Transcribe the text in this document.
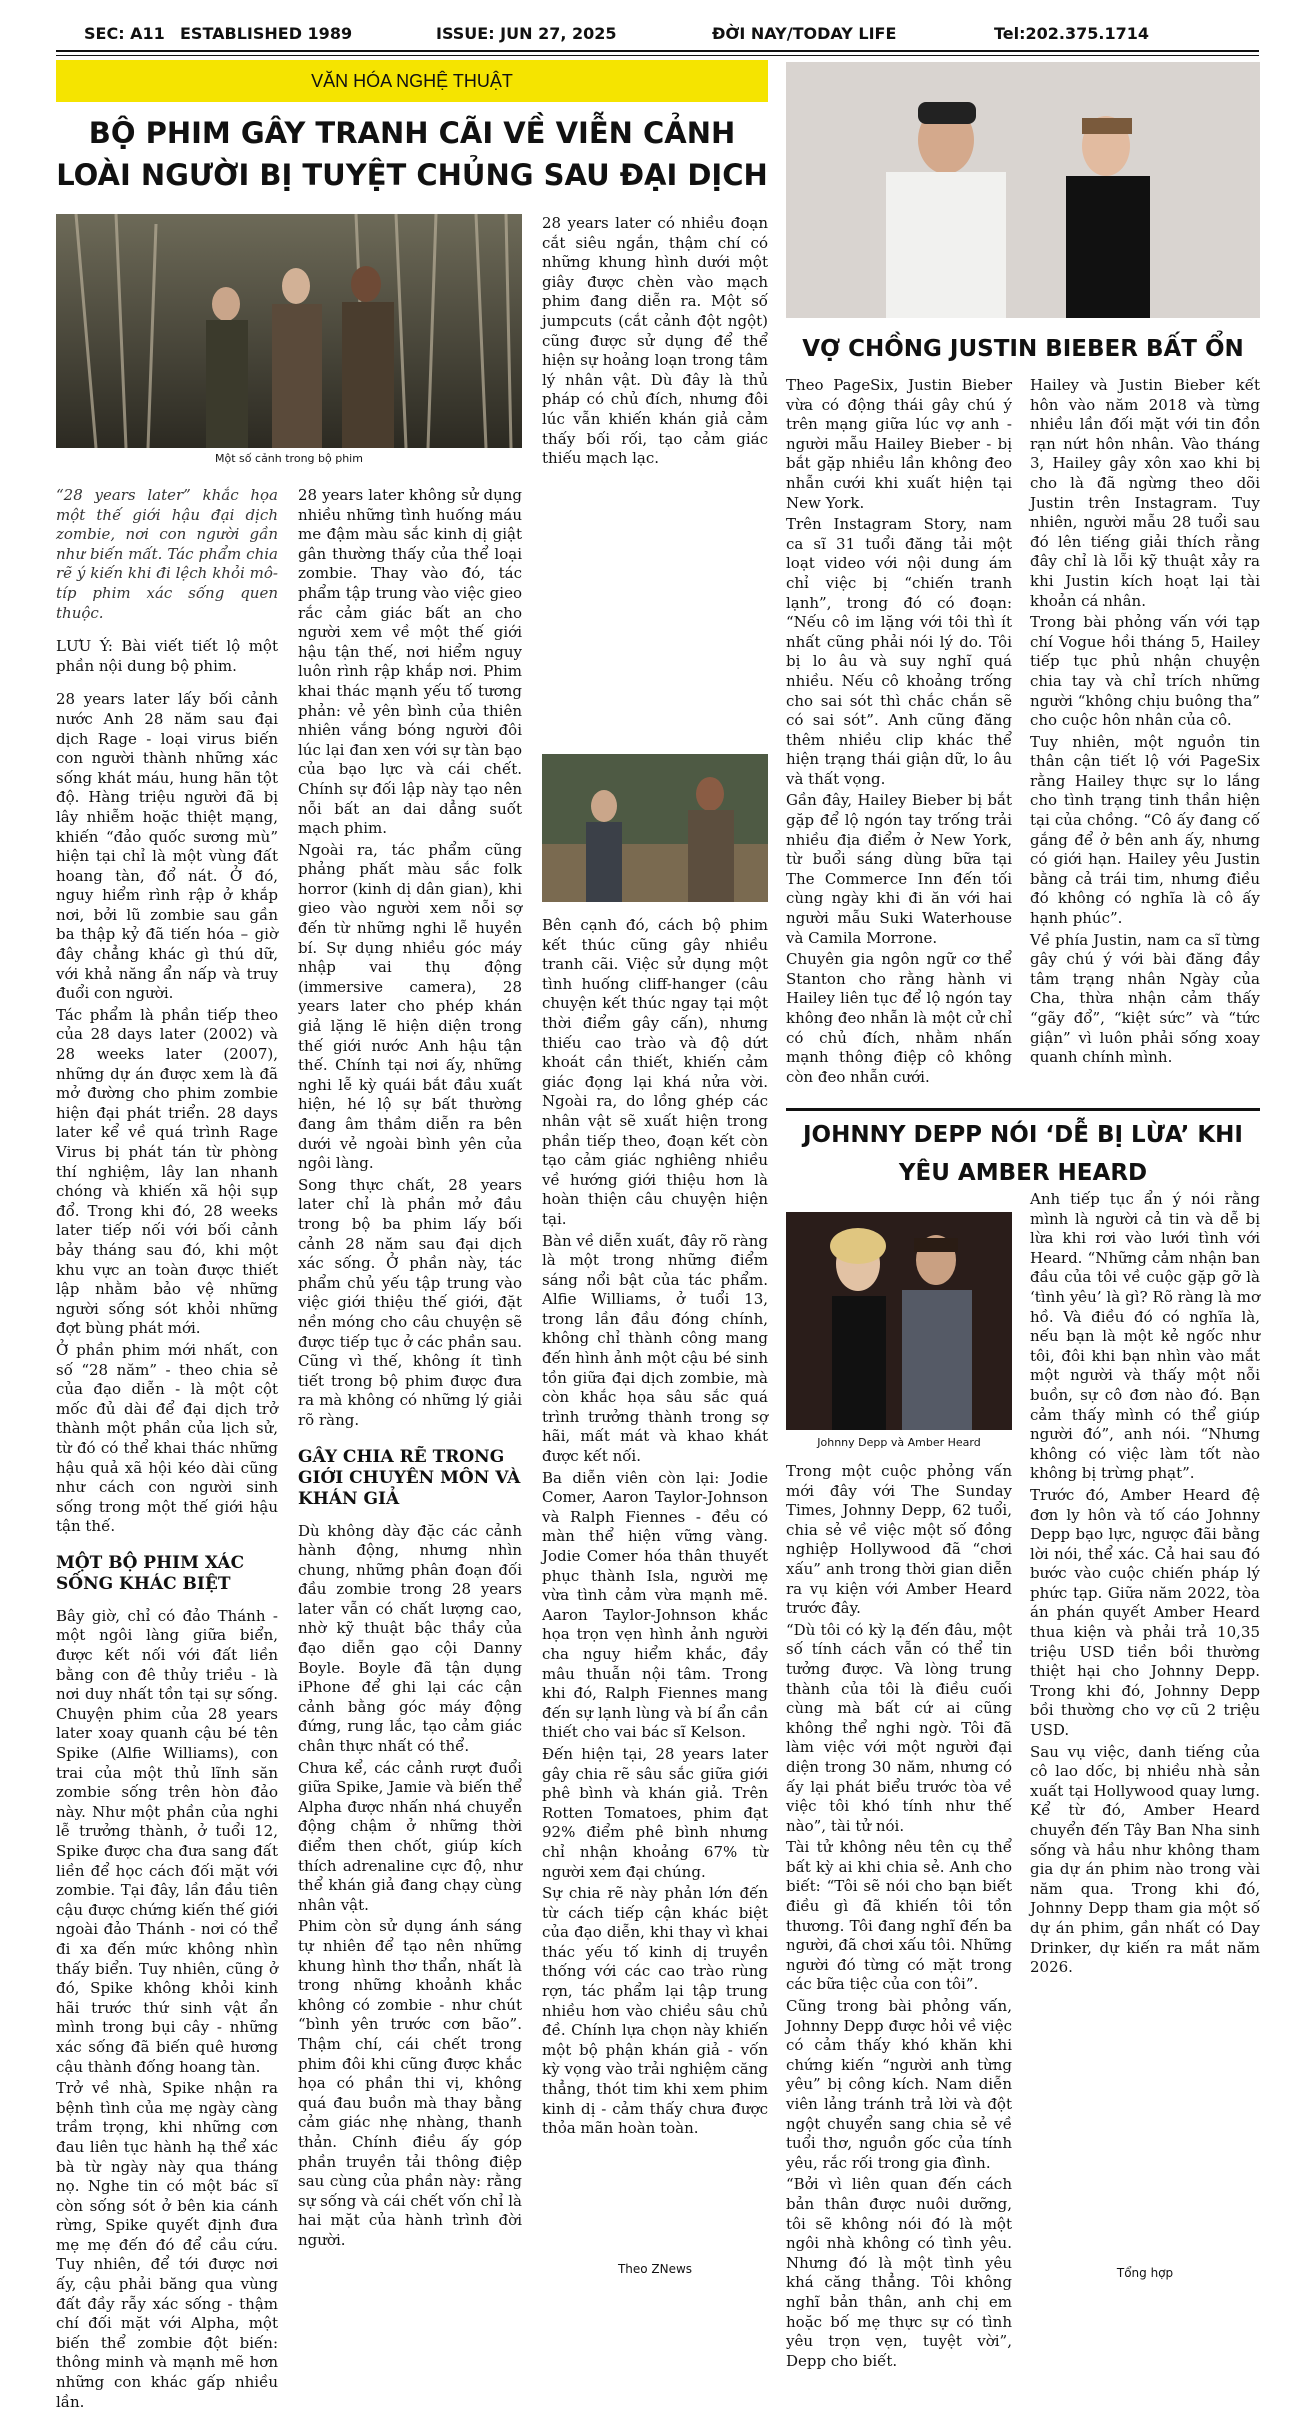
SEC: A11 ESTABLISHED 1989	ISSUE: JUN 27, 2025	ĐỜI NAY/TODAY LIFE	Tel:202.375.1714
VĂN HÓA NGHỆ THUẬT
BỘ PHIM GÂY TRANH CÃI VỀ VIỄN CẢNH
LOÀI NGƯỜI BỊ TUYỆT CHỦNG SAU ĐẠI DỊCH
Một số cảnh trong bộ phim

“28 years later” khắc họa một thế giới hậu đại dịch zombie, nơi con người gần như biến mất. Tác phẩm chia rẽ ý kiến khi đi lệch khỏi mô-típ phim xác sống quen thuộc.

LƯU Ý: Bài viết tiết lộ một phần nội dung bộ phim.

28 years later lấy bối cảnh nước Anh 28 năm sau đại dịch Rage - loại virus biến con người thành những xác sống khát máu, hung hãn tột độ. Hàng triệu người đã bị lây nhiễm hoặc thiệt mạng, khiến “đảo quốc sương mù” hiện tại chỉ là một vùng đất hoang tàn, đổ nát. Ở đó, nguy hiểm rình rập ở khắp nơi, bởi lũ zombie sau gần ba thập kỷ đã tiến hóa – giờ đây chẳng khác gì thú dữ, với khả năng ẩn nấp và truy đuổi con người.

Tác phẩm là phần tiếp theo của 28 days later (2002) và 28 weeks later (2007), những dự án được xem là đã mở đường cho phim zombie hiện đại phát triển. 28 days later kể về quá trình Rage Virus bị phát tán từ phòng thí nghiệm, lây lan nhanh chóng và khiến xã hội sụp đổ. Trong khi đó, 28 weeks later tiếp nối với bối cảnh bảy tháng sau đó, khi một khu vực an toàn được thiết lập nhằm bảo vệ những người sống sót khỏi những đợt bùng phát mới.

Ở phần phim mới nhất, con số “28 năm” - theo chia sẻ của đạo diễn - là một cột mốc đủ dài để đại dịch trở thành một phần của lịch sử, từ đó có thể khai thác những hậu quả xã hội kéo dài cũng như cách con người sinh sống trong một thế giới hậu tận thế.

MỘT BỘ PHIM XÁC SỐNG KHÁC BIỆT

Bây giờ, chỉ có đảo Thánh - một ngôi làng giữa biển, được kết nối với đất liền bằng con đê thủy triều - là nơi duy nhất tồn tại sự sống. Chuyện phim của 28 years later xoay quanh cậu bé tên Spike (Alfie Williams), con trai của một thủ lĩnh săn zombie sống trên hòn đảo này. Như một phần của nghi lễ trưởng thành, ở tuổi 12, Spike được cha đưa sang đất liền để học cách đối mặt với zombie. Tại đây, lần đầu tiên cậu được chứng kiến thế giới ngoài đảo Thánh - nơi có thể đi xa đến mức không nhìn thấy biển. Tuy nhiên, cũng ở đó, Spike không khỏi kinh hãi trước thứ sinh vật ẩn mình trong bụi cây - những xác sống đã biến quê hương cậu thành đống hoang tàn.

Trở về nhà, Spike nhận ra bệnh tình của mẹ ngày càng trầm trọng, khi những cơn đau liên tục hành hạ thể xác bà từ ngày này qua tháng nọ. Nghe tin có một bác sĩ còn sống sót ở bên kia cánh rừng, Spike quyết định đưa mẹ mẹ đến đó để cầu cứu. Tuy nhiên, để tới được nơi ấy, cậu phải băng qua vùng đất đầy rẫy xác sống - thậm chí đối mặt với Alpha, một biến thể zombie đột biến: thông minh và mạnh mẽ hơn những con khác gấp nhiều lần.

28 years later không sử dụng nhiều những tình huống máu me đậm màu sắc kinh dị giật gân thường thấy của thể loại zombie. Thay vào đó, tác phẩm tập trung vào việc gieo rắc cảm giác bất an cho người xem về một thế giới hậu tận thế, nơi hiểm nguy luôn rình rập khắp nơi. Phim khai thác mạnh yếu tố tương phản: vẻ yên bình của thiên nhiên vắng bóng người đôi lúc lại đan xen với sự tàn bạo của bạo lực và cái chết. Chính sự đối lập này tạo nên nỗi bất an dai dẳng suốt mạch phim.

Ngoài ra, tác phẩm cũng phảng phất màu sắc folk horror (kinh dị dân gian), khi gieo vào người xem nỗi sợ đến từ những nghi lễ huyền bí. Sự dụng nhiều góc máy nhập vai thụ động (immersive camera), 28 years later cho phép khán giả lặng lẽ hiện diện trong thế giới nước Anh hậu tận thế. Chính tại nơi ấy, những nghi lễ kỳ quái bắt đầu xuất hiện, hé lộ sự bất thường đang âm thầm diễn ra bên dưới vẻ ngoài bình yên của ngôi làng.

Song thực chất, 28 years later chỉ là phần mở đầu trong bộ ba phim lấy bối cảnh 28 năm sau đại dịch xác sống. Ở phần này, tác phẩm chủ yếu tập trung vào việc giới thiệu thế giới, đặt nền móng cho câu chuyện sẽ được tiếp tục ở các phần sau. Cũng vì thế, không ít tình tiết trong bộ phim được đưa ra mà không có những lý giải rõ ràng.

GÂY CHIA RẼ TRONG GIỚI CHUYÊN MÔN VÀ KHÁN GIẢ

Dù không dày đặc các cảnh hành động, nhưng nhìn chung, những phân đoạn đối đầu zombie trong 28 years later vẫn có chất lượng cao, nhờ kỹ thuật bậc thầy của đạo diễn gạo cội Danny Boyle. Boyle đã tận dụng iPhone để ghi lại các cận cảnh bằng góc máy động đứng, rung lắc, tạo cảm giác chân thực nhất có thể.

Chưa kể, các cảnh rượt đuổi giữa Spike, Jamie và biến thể Alpha được nhấn nhá chuyển động chậm ở những thời điểm then chốt, giúp kích thích adrenaline cực độ, như thể khán giả đang chạy cùng nhân vật.

Phim còn sử dụng ánh sáng tự nhiên để tạo nên những khung hình thơ thẩn, nhất là trong những khoảnh khắc không có zombie - như chút “bình yên trước cơn bão”. Thậm chí, cái chết trong phim đôi khi cũng được khắc họa có phần thi vị, không quá đau buồn mà thay bằng cảm giác nhẹ nhàng, thanh thản. Chính điều ấy góp phần truyền tải thông điệp sau cùng của phần này: rằng sự sống và cái chết vốn chỉ là hai mặt của hành trình đời người.

28 years later có nhiều đoạn cắt siêu ngắn, thậm chí có những khung hình dưới một giây được chèn vào mạch phim đang diễn ra. Một số jumpcuts (cắt cảnh đột ngột) cũng được sử dụng để thể hiện sự hoảng loạn trong tâm lý nhân vật. Dù đây là thủ pháp có chủ đích, nhưng đôi lúc vẫn khiến khán giả cảm thấy bối rối, tạo cảm giác thiếu mạch lạc.

Bên cạnh đó, cách bộ phim kết thúc cũng gây nhiều tranh cãi. Việc sử dụng một tình huống cliff-hanger (câu chuyện kết thúc ngay tại một thời điểm gây cấn), nhưng thiếu cao trào và độ dứt khoát cần thiết, khiến cảm giác đọng lại khá nửa vời. Ngoài ra, do lồng ghép các nhân vật sẽ xuất hiện trong phần tiếp theo, đoạn kết còn tạo cảm giác nghiêng nhiều về hướng giới thiệu hơn là hoàn thiện câu chuyện hiện tại.

Bàn về diễn xuất, đây rõ ràng là một trong những điểm sáng nổi bật của tác phẩm. Alfie Williams, ở tuổi 13, trong lần đầu đóng chính, không chỉ thành công mang đến hình ảnh một cậu bé sinh tồn giữa đại dịch zombie, mà còn khắc họa sâu sắc quá trình trưởng thành trong sợ hãi, mất mát và khao khát được kết nối.

Ba diễn viên còn lại: Jodie Comer, Aaron Taylor-Johnson và Ralph Fiennes - đều có màn thể hiện vững vàng. Jodie Comer hóa thân thuyết phục thành Isla, người mẹ vừa tình cảm vừa mạnh mẽ. Aaron Taylor-Johnson khắc họa trọn vẹn hình ảnh người cha nguy hiểm khắc, đầy mâu thuẫn nội tâm. Trong khi đó, Ralph Fiennes mang đến sự lạnh lùng và bí ẩn cần thiết cho vai bác sĩ Kelson.

Đến hiện tại, 28 years later gây chia rẽ sâu sắc giữa giới phê bình và khán giả. Trên Rotten Tomatoes, phim đạt 92% điểm phê bình nhưng chỉ nhận khoảng 67% từ người xem đại chúng.

Sự chia rẽ này phản lớn đến từ cách tiếp cận khác biệt của đạo diễn, khi thay vì khai thác yếu tố kinh dị truyền thống với các cao trào rùng rợn, tác phẩm lại tập trung nhiều hơn vào chiều sâu chủ đề. Chính lựa chọn này khiến một bộ phận khán giả - vốn kỳ vọng vào trải nghiệm căng thẳng, thót tim khi xem phim kinh dị - cảm thấy chưa được thỏa mãn hoàn toàn.

Theo ZNews
VỢ CHỒNG JUSTIN BIEBER BẤT ỔN

Theo PageSix, Justin Bieber vừa có động thái gây chú ý trên mạng giữa lúc vợ anh - người mẫu Hailey Bieber - bị bắt gặp nhiều lần không đeo nhẫn cưới khi xuất hiện tại New York.

Trên Instagram Story, nam ca sĩ 31 tuổi đăng tải một loạt video với nội dung ám chỉ việc bị “chiến tranh lạnh”, trong đó có đoạn: “Nếu cô im lặng với tôi thì ít nhất cũng phải nói lý do. Tôi bị lo âu và suy nghĩ quá nhiều. Nếu cô khoảng trống cho sai sót thì chắc chắn sẽ có sai sót”. Anh cũng đăng thêm nhiều clip khác thể hiện trạng thái giận dữ, lo âu và thất vọng.

Gần đây, Hailey Bieber bị bắt gặp để lộ ngón tay trống trải nhiều địa điểm ở New York, từ buổi sáng dùng bữa tại The Commerce Inn đến tối cùng ngày khi đi ăn với hai người mẫu Suki Waterhouse và Camila Morrone.

Chuyên gia ngôn ngữ cơ thể Stanton cho rằng hành vi Hailey liên tục để lộ ngón tay không đeo nhẫn là một cử chỉ có chủ đích, nhằm nhấn mạnh thông điệp cô không còn đeo nhẫn cưới.

Hailey và Justin Bieber kết hôn vào năm 2018 và từng nhiều lần đối mặt với tin đồn rạn nứt hôn nhân. Vào tháng 3, Hailey gây xôn xao khi bị cho là đã ngừng theo dõi Justin trên Instagram. Tuy nhiên, người mẫu 28 tuổi sau đó lên tiếng giải thích rằng đây chỉ là lỗi kỹ thuật xảy ra khi Justin kích hoạt lại tài khoản cá nhân.

Trong bài phỏng vấn với tạp chí Vogue hồi tháng 5, Hailey tiếp tục phủ nhận chuyện chia tay và chỉ trích những người “không chịu buông tha” cho cuộc hôn nhân của cô.

Tuy nhiên, một nguồn tin thân cận tiết lộ với PageSix rằng Hailey thực sự lo lắng cho tình trạng tinh thần hiện tại của chồng. “Cô ấy đang cố gắng để ở bên anh ấy, nhưng có giới hạn. Hailey yêu Justin bằng cả trái tim, nhưng điều đó không có nghĩa là cô ấy hạnh phúc”.

Về phía Justin, nam ca sĩ từng gây chú ý với bài đăng đầy tâm trạng nhân Ngày của Cha, thừa nhận cảm thấy “gãy đổ”, “kiệt sức” và “tức giận” vì luôn phải sống xoay quanh chính mình.

JOHNNY DEPP NÓI ‘DỄ BỊ LỪA’ KHI
YÊU AMBER HEARD
Johnny Depp và Amber Heard

Trong một cuộc phỏng vấn mới đây với The Sunday Times, Johnny Depp, 62 tuổi, chia sẻ về việc một số đồng nghiệp Hollywood đã “chơi xấu” anh trong thời gian diễn ra vụ kiện với Amber Heard trước đây.

“Dù tôi có kỳ lạ đến đâu, một số tính cách vẫn có thể tin tưởng được. Và lòng trung thành của tôi là điều cuối cùng mà bất cứ ai cũng không thể nghi ngờ. Tôi đã làm việc với một người đại diện trong 30 năm, nhưng có ấy lại phát biểu trước tòa về việc tôi khó tính như thế nào”, tài tử nói.

Tài tử không nêu tên cụ thể bất kỳ ai khi chia sẻ. Anh cho biết: “Tôi sẽ nói cho bạn biết điều gì đã khiến tôi tồn thương. Tôi đang nghĩ đến ba người, đã chơi xấu tôi. Những người đó từng có mặt trong các bữa tiệc của con tôi”.

Cũng trong bài phỏng vấn, Johnny Depp được hỏi về việc có cảm thấy khó khăn khi chứng kiến “người anh từng yêu” bị công kích. Nam diễn viên lảng tránh trả lời và đột ngột chuyển sang chia sẻ về tuổi thơ, nguồn gốc của tính yêu, rắc rối trong gia đình.

“Bởi vì liên quan đến cách bản thân được nuôi dưỡng, tôi sẽ không nói đó là một ngôi nhà không có tình yêu. Nhưng đó là một tình yêu khá căng thẳng. Tôi không nghĩ bản thân, anh chị em hoặc bố mẹ thực sự có tình yêu trọn vẹn, tuyệt vời”, Depp cho biết.

Anh tiếp tục ẩn ý nói rằng mình là người cả tin và dễ bị lừa khi rơi vào lưới tình với Heard. “Những cảm nhận ban đầu của tôi về cuộc gặp gỡ là ‘tình yêu’ là gì? Rõ ràng là mơ hồ. Và điều đó có nghĩa là, nếu bạn là một kẻ ngốc như tôi, đôi khi bạn nhìn vào mắt một người và thấy một nỗi buồn, sự cô đơn nào đó. Bạn cảm thấy mình có thể giúp người đó”, anh nói. “Nhưng không có việc làm tốt nào không bị trừng phạt”.

Trước đó, Amber Heard đệ đơn ly hôn và tố cáo Johnny Depp bạo lực, ngược đãi bằng lời nói, thể xác. Cả hai sau đó bước vào cuộc chiến pháp lý phức tạp. Giữa năm 2022, tòa án phán quyết Amber Heard thua kiện và phải trả 10,35 triệu USD tiền bồi thường thiệt hại cho Johnny Depp. Trong khi đó, Johnny Depp bồi thường cho vợ cũ 2 triệu USD.

Sau vụ việc, danh tiếng của cô lao dốc, bị nhiều nhà sản xuất tại Hollywood quay lưng. Kể từ đó, Amber Heard chuyển đến Tây Ban Nha sinh sống và hầu như không tham gia dự án phim nào trong vài năm qua. Trong khi đó, Johnny Depp tham gia một số dự án phim, gần nhất có Day Drinker, dự kiến ra mắt năm 2026.

Tổng hợp
